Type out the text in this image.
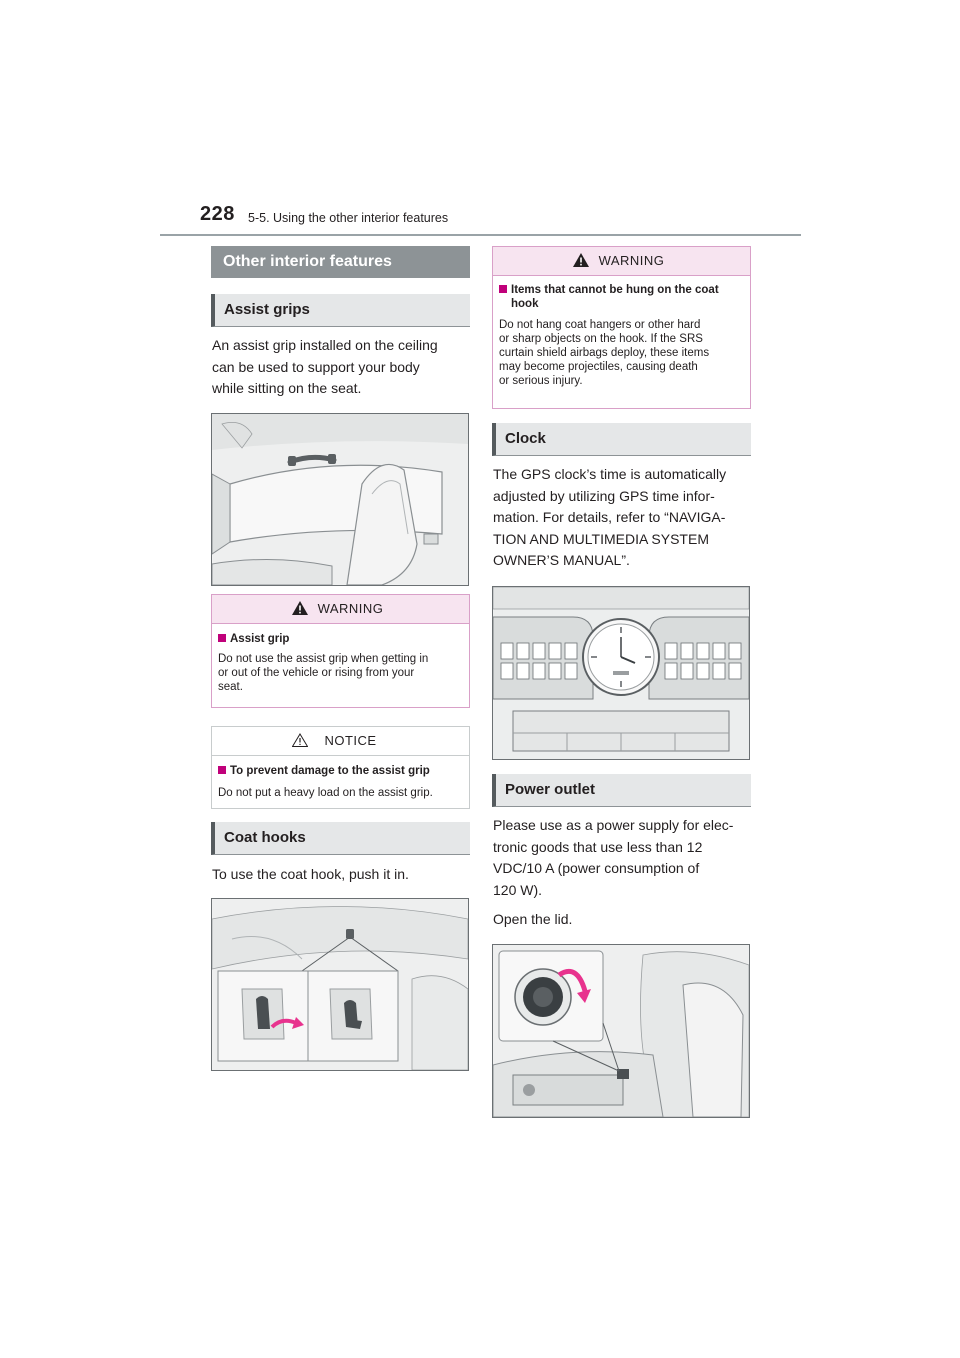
228 5-5. Using the other interior features
Other interior features
Assist grips
An assist grip installed on the ceiling
can be used to support your body
while sitting on the seat.
WARNING
Assist grip
Do not use the assist grip when getting in
or out of the vehicle or rising from your
seat.
NOTICE
To prevent damage to the assist grip
Do not put a heavy load on the assist grip.
Coat hooks
To use the coat hook, push it in.
WARNING
Items that cannot be hung on the coat
hook
Do not hang coat hangers or other hard
or sharp objects on the hook. If the SRS
curtain shield airbags deploy, these items
may become projectiles, causing death
or serious injury.
Clock
The GPS clock’s time is automatically
adjusted by utilizing GPS time infor-
mation. For details, refer to “NAVIGA-
TION AND MULTIMEDIA SYSTEM
OWNER’S MANUAL”.
Power outlet
Please use as a power supply for elec-
tronic goods that use less than 12
VDC/10 A (power consumption of
120 W).
Open the lid.
